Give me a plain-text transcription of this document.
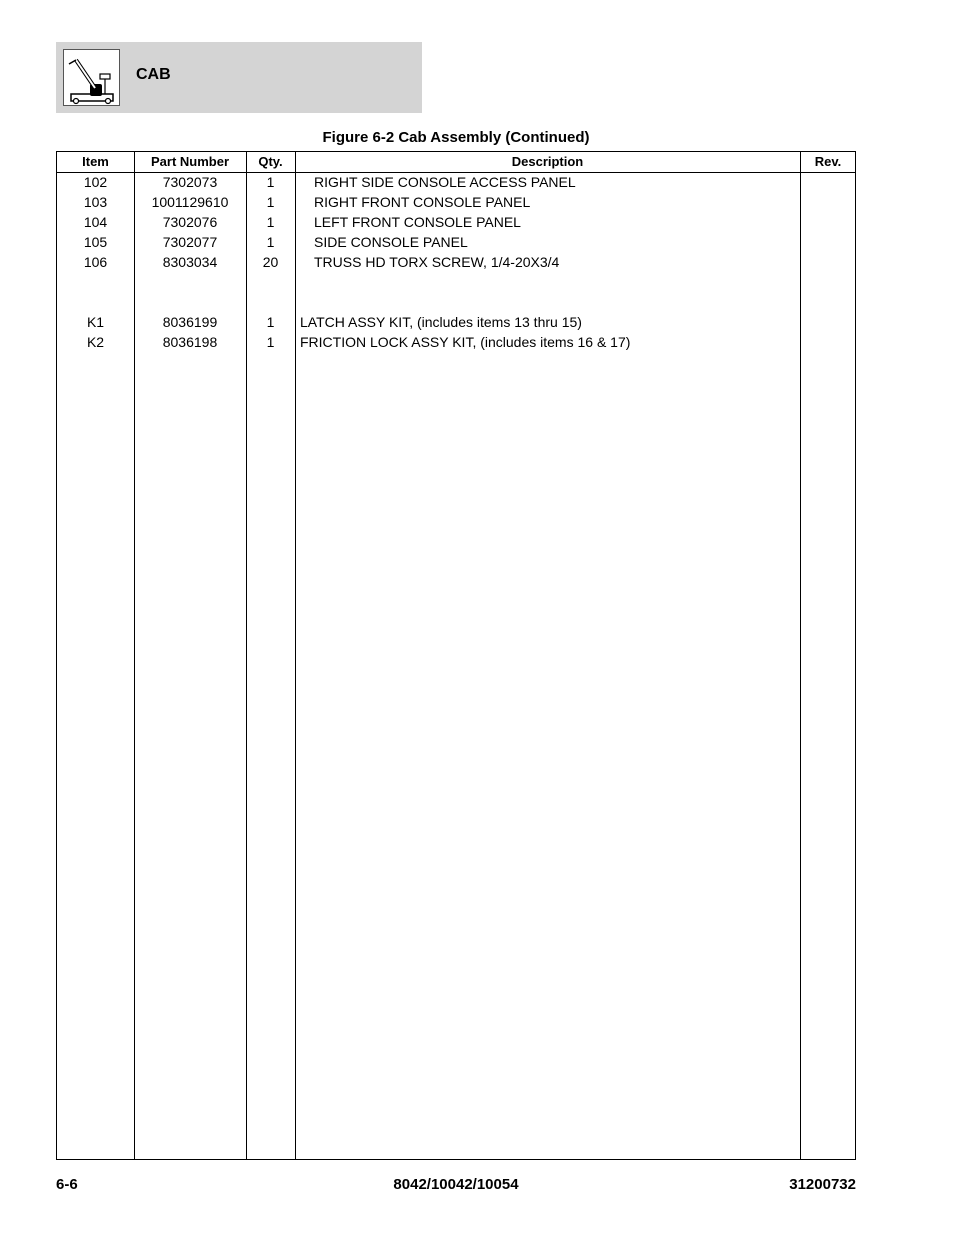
CAB
Figure 6-2 Cab Assembly (Continued)
Item	Part Number	Qty.	Description	Rev.
102	7302073	1	RIGHT SIDE CONSOLE ACCESS PANEL
103	1001129610	1	RIGHT FRONT CONSOLE PANEL
104	7302076	1	LEFT FRONT CONSOLE PANEL
105	7302077	1	SIDE CONSOLE PANEL
106	8303034	20	TRUSS HD TORX SCREW, 1/4-20X3/4
K1	8036199	1	LATCH ASSY KIT, (includes items 13 thru 15)
K2	8036198	1	FRICTION LOCK ASSY KIT, (includes items 16 & 17)
6-6	8042/10042/10054	31200732
